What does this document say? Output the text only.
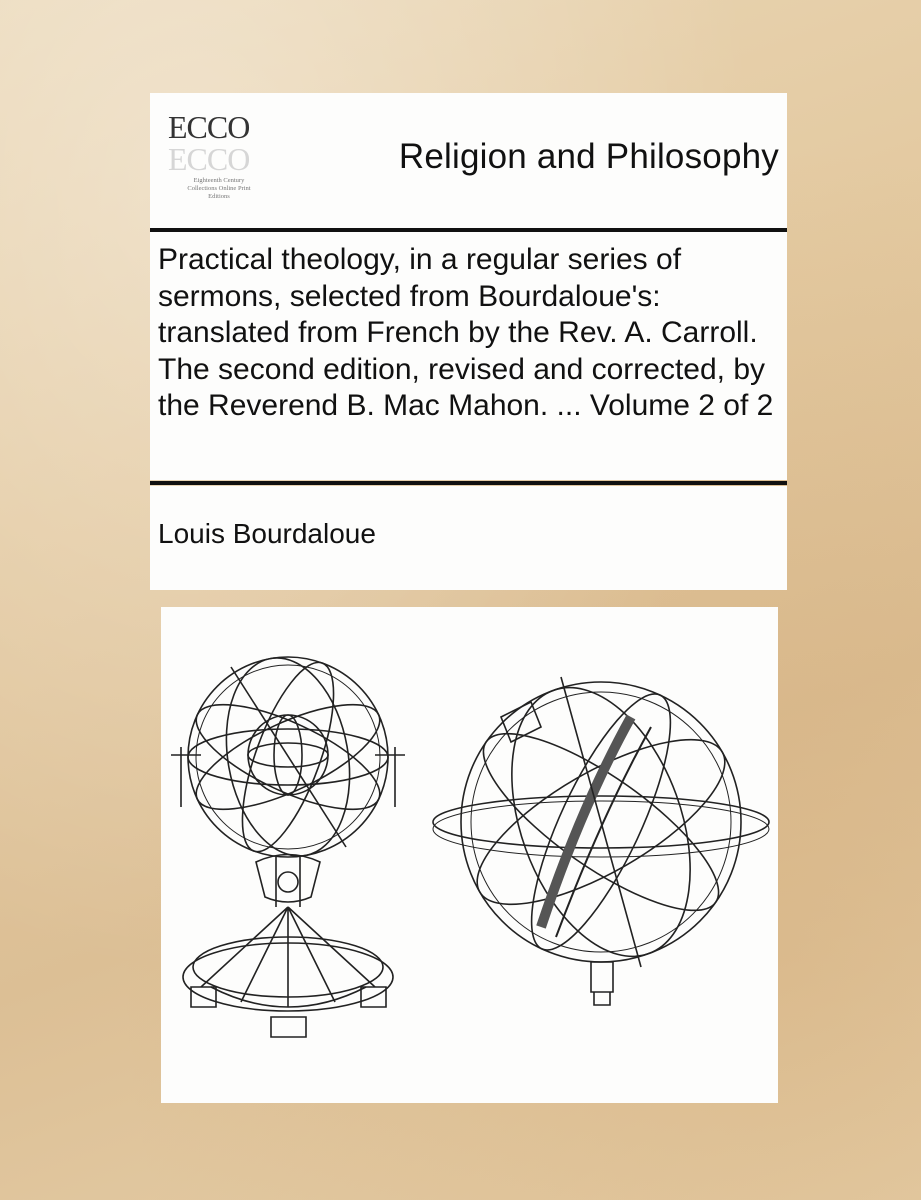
ECCO
ECCO
Eighteenth Century Collections Online Print Editions
Religion and Philosophy
Practical theology, in a regular series of sermons, selected from Bourdaloue's: translated from French by the Rev. A. Carroll. The second edition, revised and corrected, by the Reverend B. Mac Mahon. ... Volume 2 of 2
Louis Bourdaloue
